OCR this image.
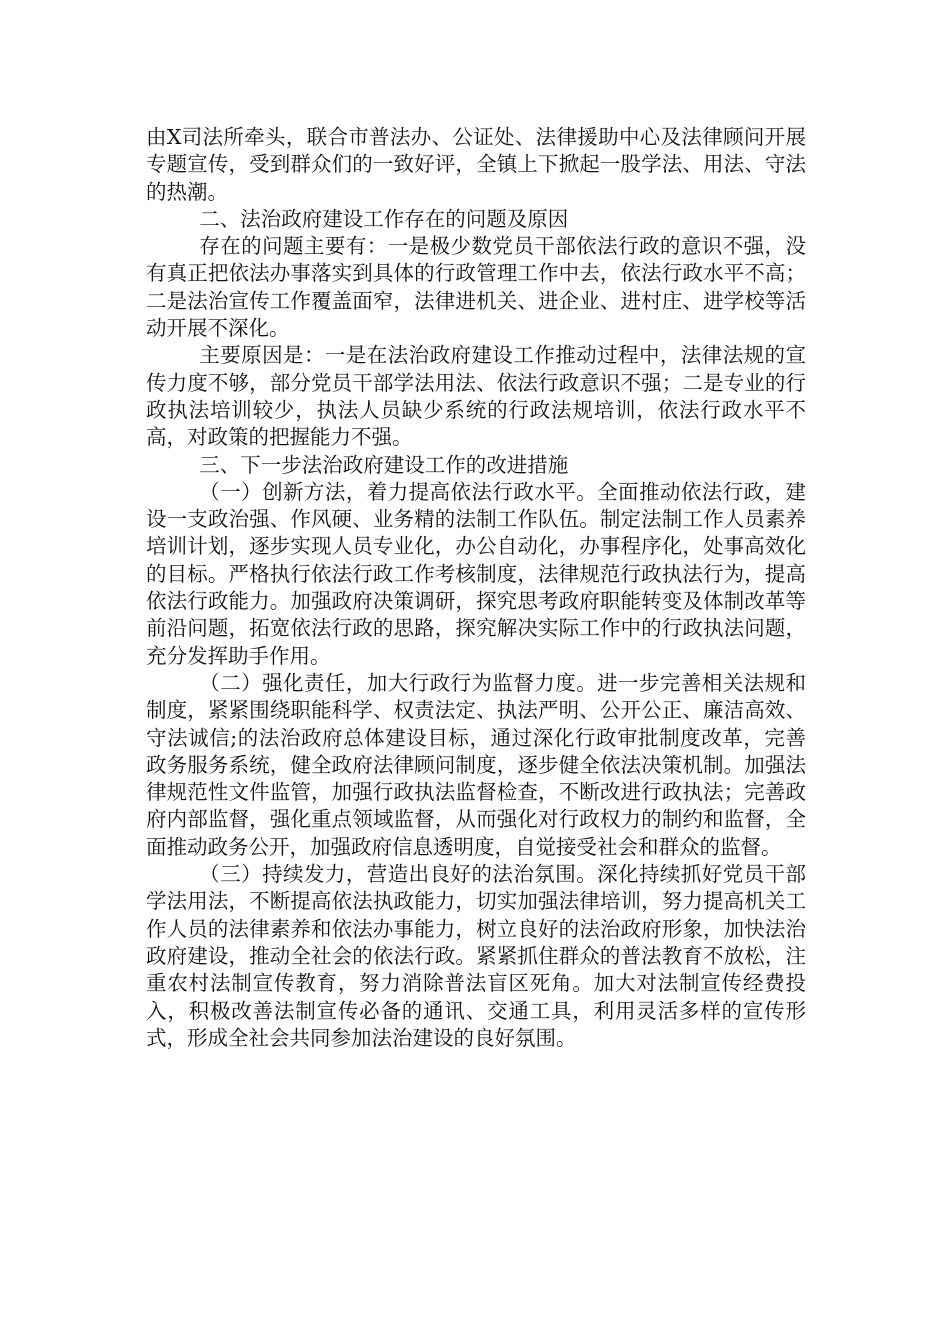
由X司法所牵头，联合市普法办、公证处、法律援助中心及法律顾问开展专题宣传，受到群众们的一致好评，全镇上下掀起一股学法、用法、守法的热潮。

二、法治政府建设工作存在的问题及原因

存在的问题主要有：一是极少数党员干部依法行政的意识不强，没有真正把依法办事落实到具体的行政管理工作中去，依法行政水平不高；二是法治宣传工作覆盖面窄，法律进机关、进企业、进村庄、进学校等活动开展不深化。

主要原因是：一是在法治政府建设工作推动过程中，法律法规的宣传力度不够，部分党员干部学法用法、依法行政意识不强；二是专业的行政执法培训较少，执法人员缺少系统的行政法规培训，依法行政水平不高，对政策的把握能力不强。

三、下一步法治政府建设工作的改进措施

（一）创新方法，着力提高依法行政水平。全面推动依法行政，建设一支政治强、作风硬、业务精的法制工作队伍。制定法制工作人员素养培训计划，逐步实现人员专业化，办公自动化，办事程序化，处事高效化的目标。严格执行依法行政工作考核制度，法律规范行政执法行为，提高依法行政能力。加强政府决策调研，探究思考政府职能转变及体制改革等前沿问题，拓宽依法行政的思路，探究解决实际工作中的行政执法问题，充分发挥助手作用。

（二）强化责任，加大行政行为监督力度。进一步完善相关法规和制度，紧紧围绕职能科学、权责法定、执法严明、公开公正、廉洁高效、守法诚信;的法治政府总体建设目标，通过深化行政审批制度改革，完善政务服务系统，健全政府法律顾问制度，逐步健全依法决策机制。加强法律规范性文件监管，加强行政执法监督检查，不断改进行政执法；完善政府内部监督，强化重点领域监督，从而强化对行政权力的制约和监督，全面推动政务公开，加强政府信息透明度，自觉接受社会和群众的监督。

（三）持续发力，营造出良好的法治氛围。深化持续抓好党员干部学法用法，不断提高依法执政能力，切实加强法律培训，努力提高机关工作人员的法律素养和依法办事能力，树立良好的法治政府形象，加快法治政府建设，推动全社会的依法行政。紧紧抓住群众的普法教育不放松，注重农村法制宣传教育，努力消除普法盲区死角。加大对法制宣传经费投入，积极改善法制宣传必备的通讯、交通工具，利用灵活多样的宣传形式，形成全社会共同参加法治建设的良好氛围。
